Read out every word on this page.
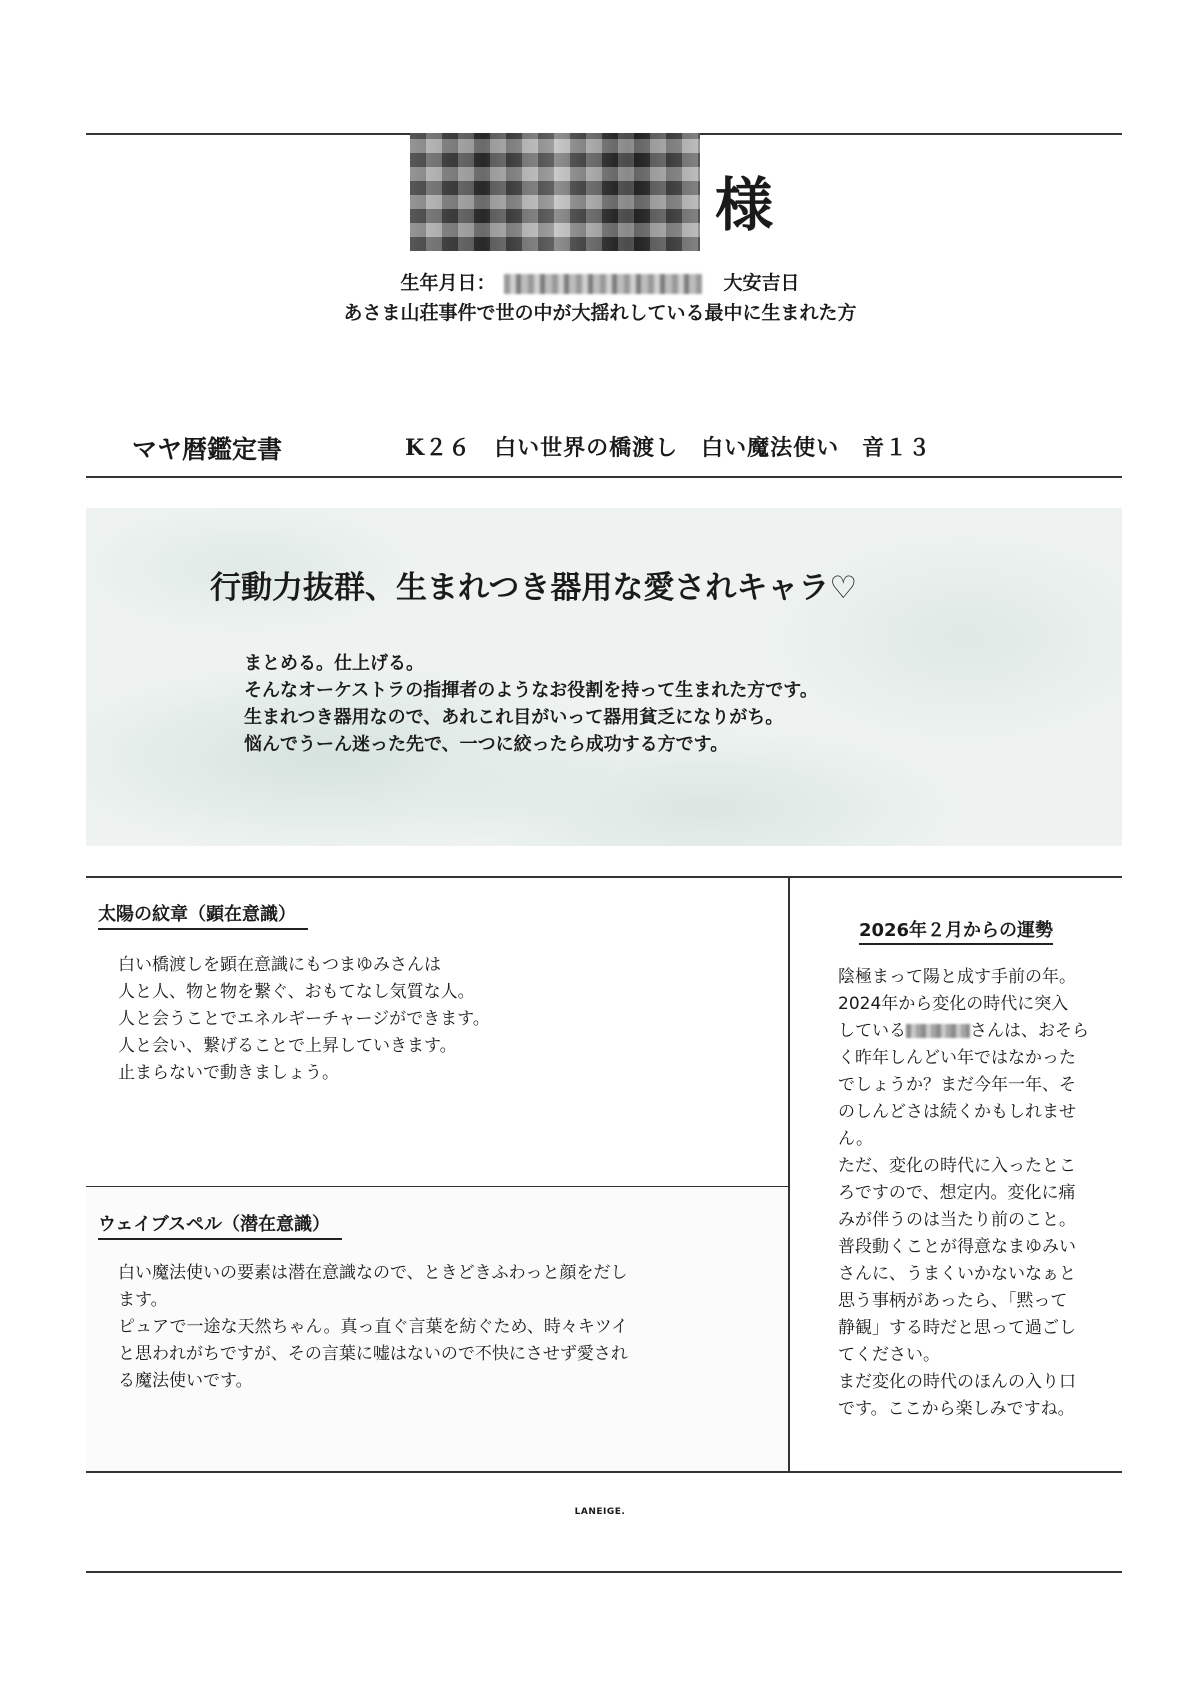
様
生年月日：	大安吉日
あさま山荘事件で世の中が大揺れしている最中に生まれた方
マヤ暦鑑定書	K２６　白い世界の橋渡し　白い魔法使い　音１３
行動力抜群、生まれつき器用な愛されキャラ♡
まとめる。仕上げる。
そんなオーケストラの指揮者のようなお役割を持って生まれた方です。
生まれつき器用なので、あれこれ目がいって器用貧乏になりがち。
悩んでうーん迷った先で、一つに絞ったら成功する方です。
太陽の紋章（顕在意識）
白い橋渡しを顕在意識にもつまゆみさんは
人と人、物と物を繋ぐ、おもてなし気質な人。
人と会うことでエネルギーチャージができます。
人と会い、繋げることで上昇していきます。
止まらないで動きましょう。
ウェイブスペル（潜在意識）
白い魔法使いの要素は潜在意識なので、ときどきふわっと顔をだし
ます。
ピュアで一途な天然ちゃん。真っ直ぐ言葉を紡ぐため、時々キツイ
と思われがちですが、その言葉に嘘はないので不快にさせず愛され
る魔法使いです。
2026年２月からの運勢
陰極まって陽と成す手前の年。
2024年から変化の時代に突入
している	さんは、おそら
く昨年しんどい年ではなかった
でしょうか？まだ今年一年、そ
のしんどさは続くかもしれませ
ん。
ただ、変化の時代に入ったとこ
ろですので、想定内。変化に痛
みが伴うのは当たり前のこと。
普段動くことが得意なまゆみい
さんに、うまくいかないなぁと
思う事柄があったら、「黙って
静観」する時だと思って過ごし
てください。
まだ変化の時代のほんの入り口
です。ここから楽しみですね。
LANEIGE.
